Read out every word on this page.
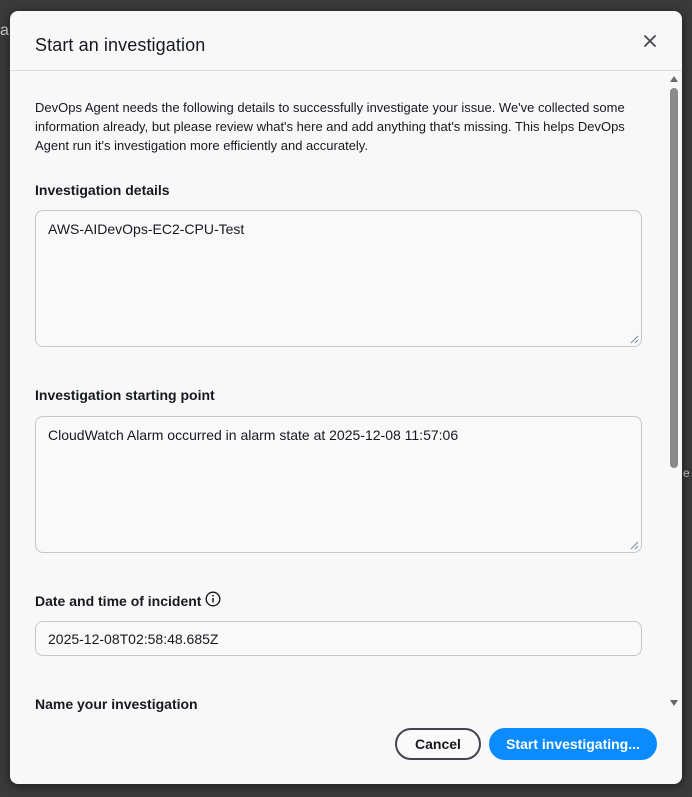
a
e
Start an investigation

DevOps Agent needs the following details to successfully investigate your issue. We've collected some information already, but please review what's here and add anything that's missing. This helps DevOps Agent run it's investigation more efficiently and accurately.

Investigation details
AWS-AIDevOps-EC2-CPU-Test
Investigation starting point
CloudWatch Alarm occurred in alarm state at 2025-12-08 11:57:06
Date and time of incident
2025-12-08T02:58:48.685Z
Name your investigation
Cancel	Start investigating...
